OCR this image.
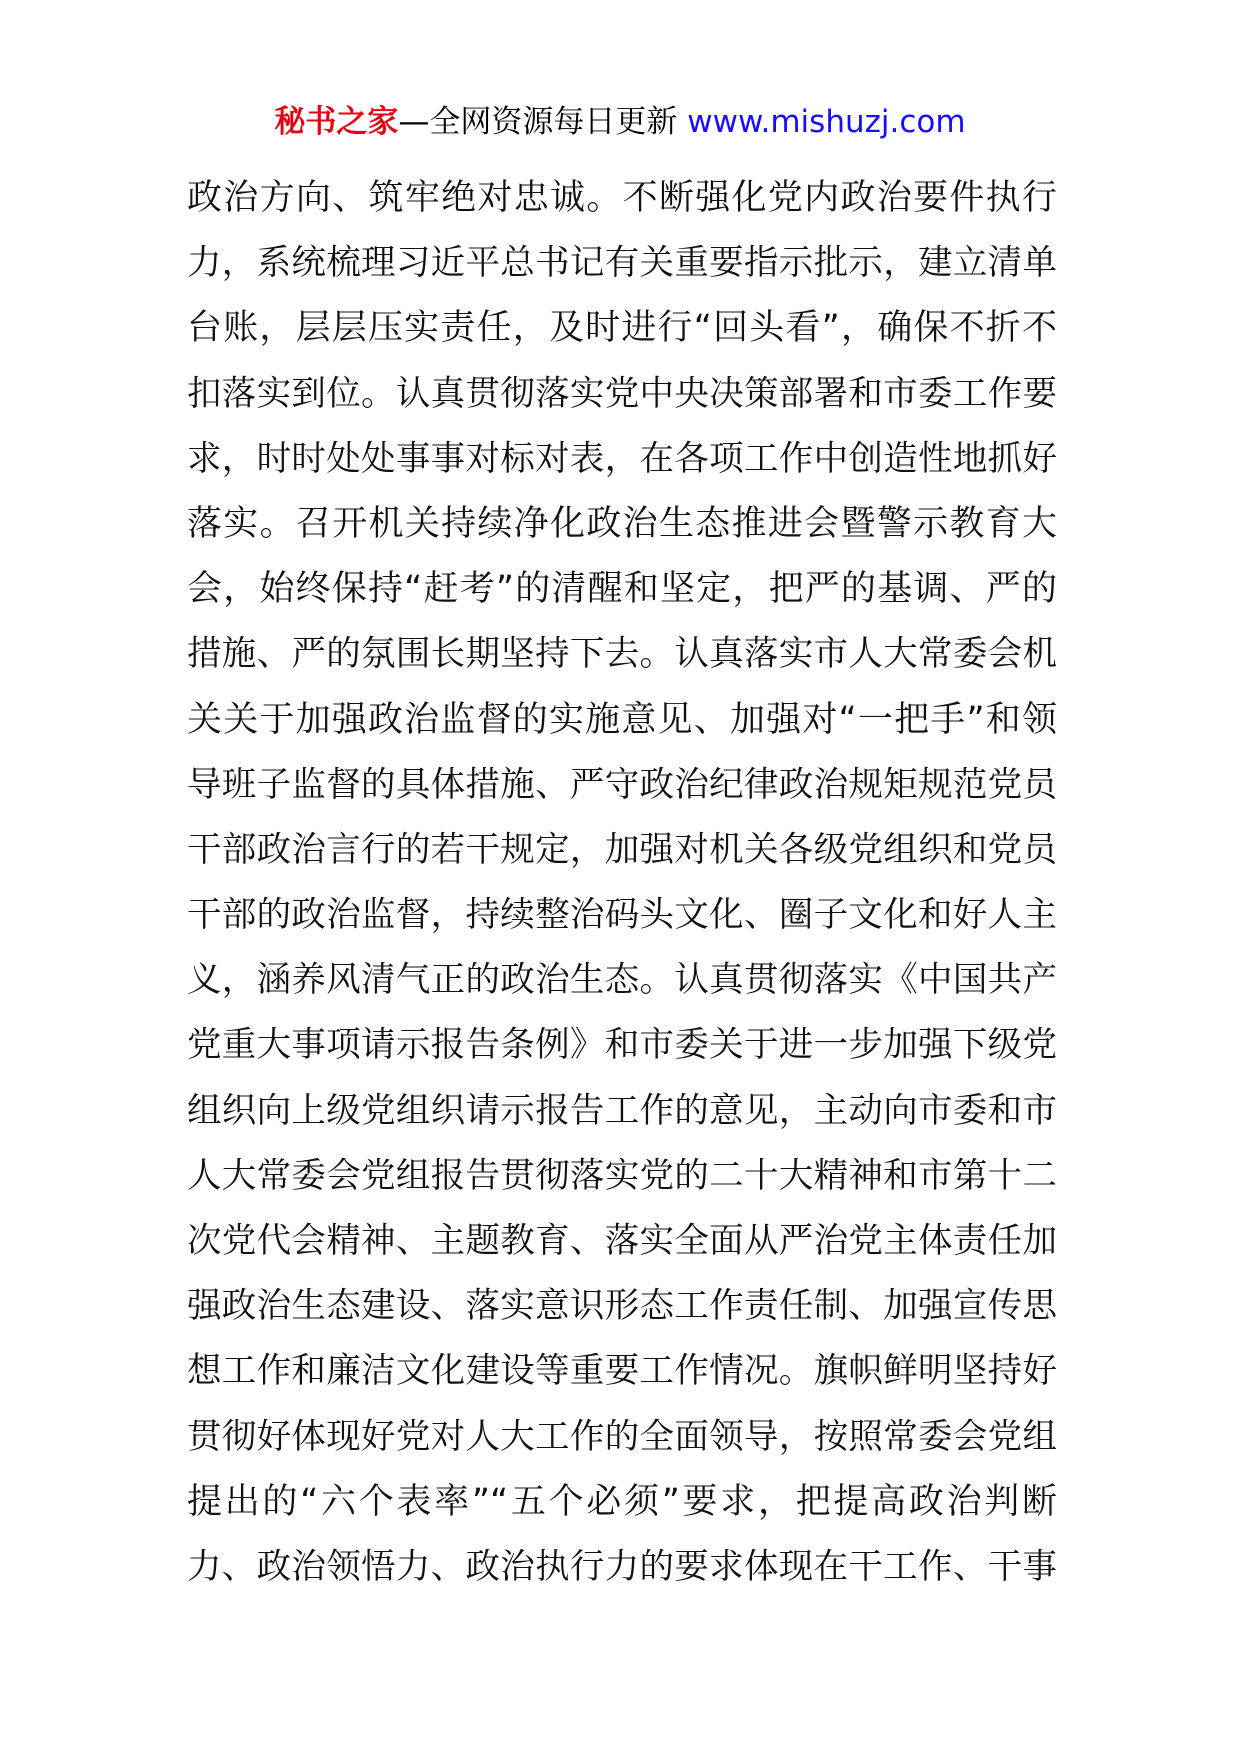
秘书之家—全网资源每日更新 www.mishuzj.com
政治方向、筑牢绝对忠诚。不断强化党内政治要件执行
力，系统梳理习近平总书记有关重要指示批示，建立清单
台账，层层压实责任，及时进行“回头看”，确保不折不
扣落实到位。认真贯彻落实党中央决策部署和市委工作要
求，时时处处事事对标对表，在各项工作中创造性地抓好
落实。召开机关持续净化政治生态推进会暨警示教育大
会，始终保持“赶考”的清醒和坚定，把严的基调、严的
措施、严的氛围长期坚持下去。认真落实市人大常委会机
关关于加强政治监督的实施意见、加强对“一把手”和领
导班子监督的具体措施、严守政治纪律政治规矩规范党员
干部政治言行的若干规定，加强对机关各级党组织和党员
干部的政治监督，持续整治码头文化、圈子文化和好人主
义，涵养风清气正的政治生态。认真贯彻落实《中国共产
党重大事项请示报告条例》和市委关于进一步加强下级党
组织向上级党组织请示报告工作的意见，主动向市委和市
人大常委会党组报告贯彻落实党的二十大精神和市第十二
次党代会精神、主题教育、落实全面从严治党主体责任加
强政治生态建设、落实意识形态工作责任制、加强宣传思
想工作和廉洁文化建设等重要工作情况。旗帜鲜明坚持好
贯彻好体现好党对人大工作的全面领导，按照常委会党组
提出的“六个表率”“五个必须”要求，把提高政治判断
力、政治领悟力、政治执行力的要求体现在干工作、干事
